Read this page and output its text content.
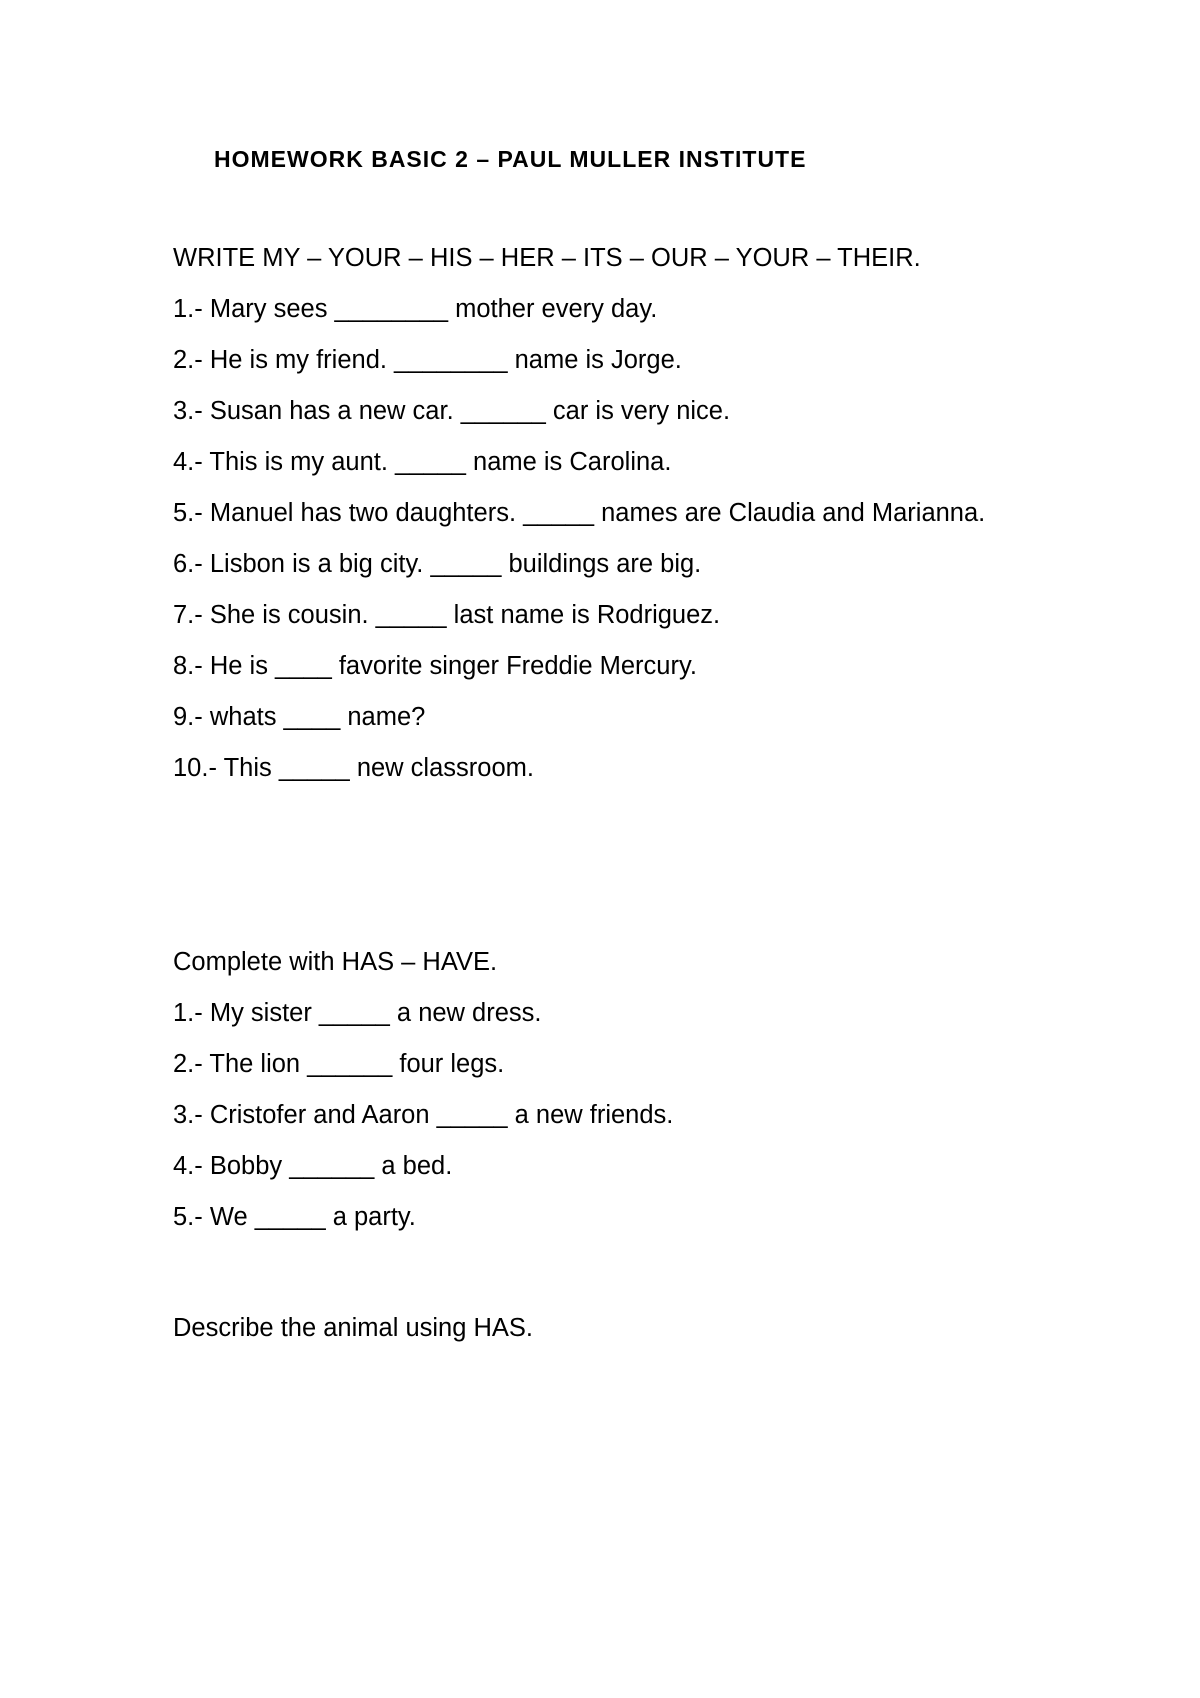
HOMEWORK BASIC 2 – PAUL MULLER INSTITUTE

WRITE MY – YOUR – HIS – HER – ITS – OUR – YOUR – THEIR.

1.- Mary sees ________ mother every day.

2.- He is my friend. ________ name is Jorge.

3.- Susan has a new car. ______ car is very nice.

4.- This is my aunt. _____ name is Carolina.

5.- Manuel has two daughters. _____ names are Claudia and Marianna.

6.- Lisbon is a big city. _____ buildings are big.

7.- She is cousin. _____ last name is Rodriguez.

8.- He is ____ favorite singer Freddie Mercury.

9.- whats ____ name?

10.- This _____ new classroom.

Complete with HAS – HAVE.

1.- My sister _____ a new dress.

2.- The lion ______ four legs.

3.- Cristofer and Aaron _____ a new friends.

4.- Bobby ______ a bed.

5.- We _____ a party.

Describe the animal using HAS.
